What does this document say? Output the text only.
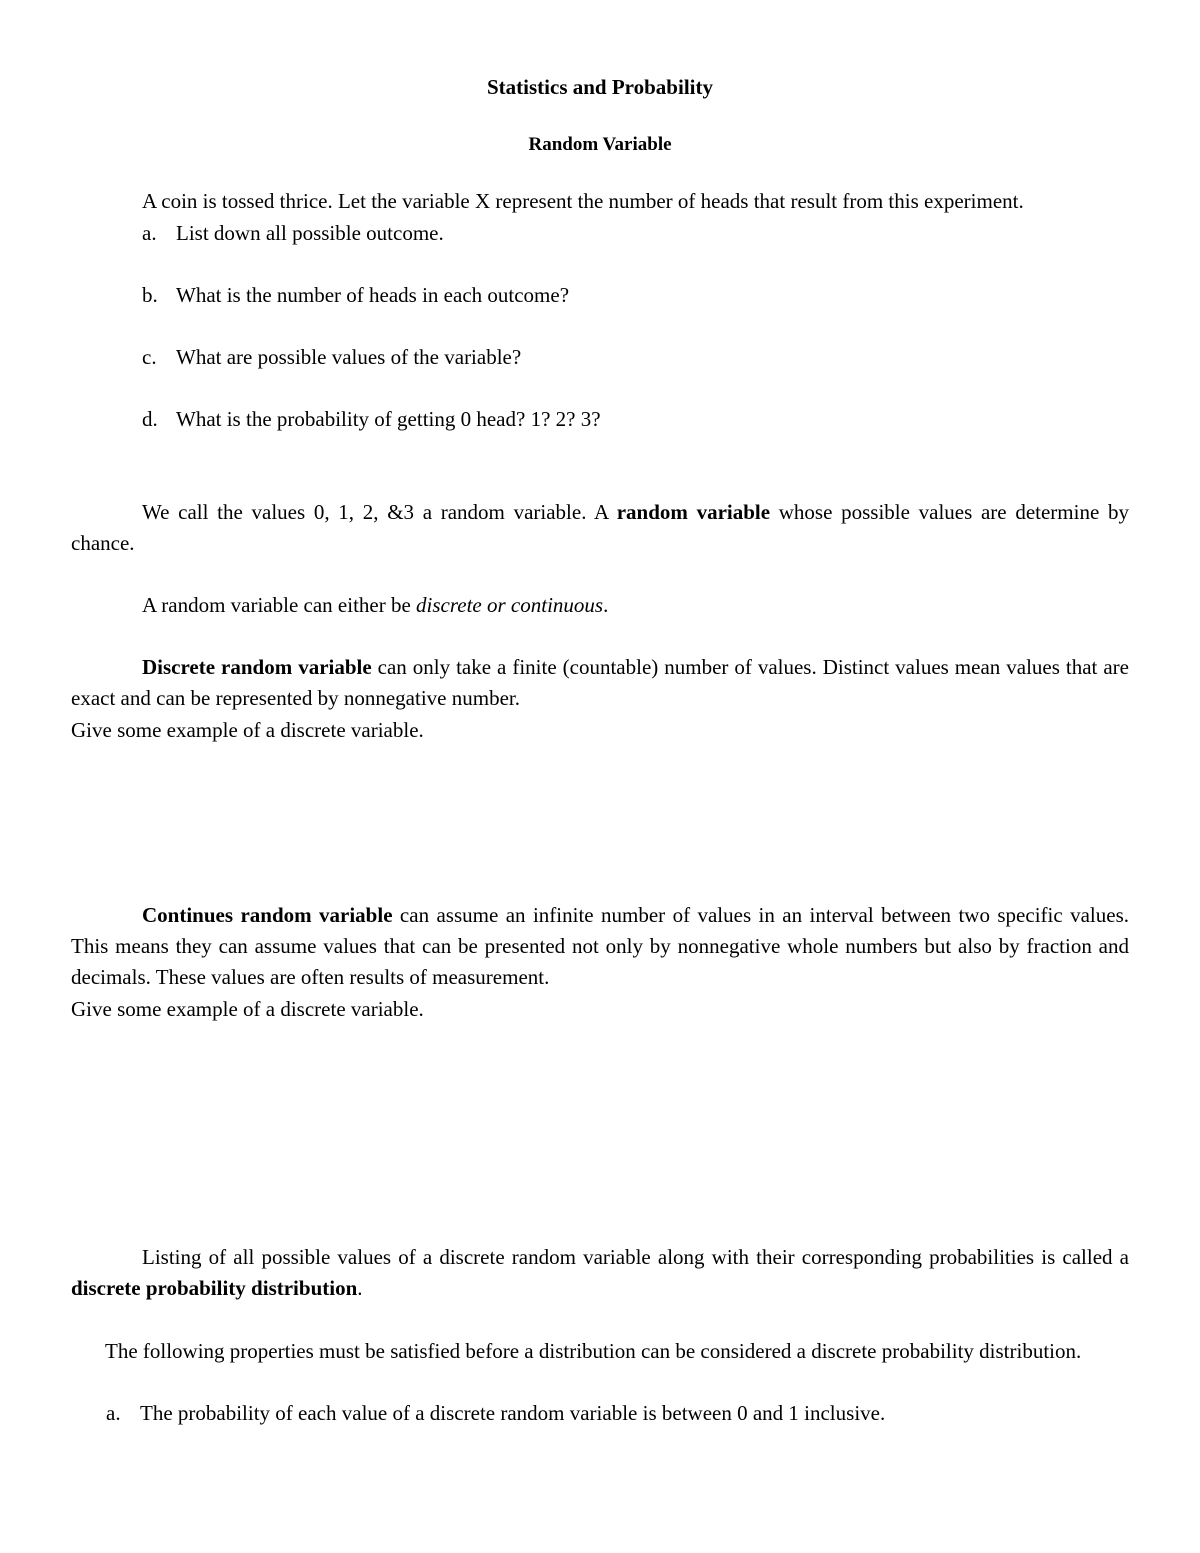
Statistics and Probability
Random Variable
A coin is tossed thrice. Let the variable X represent the number of heads that result from this experiment.
a. List down all possible outcome.
b. What is the number of heads in each outcome?
c. What are possible values of the variable?
d. What is the probability of getting 0 head? 1? 2? 3?
We call the values 0, 1, 2, &3 a random variable. A random variable whose possible values are determine by chance.
A random variable can either be discrete or continuous.
Discrete random variable can only take a finite (countable) number of values. Distinct values mean values that are exact and can be represented by nonnegative number.
Give some example of a discrete variable.
Continues random variable can assume an infinite number of values in an interval between two specific values. This means they can assume values that can be presented not only by nonnegative whole numbers but also by fraction and decimals. These values are often results of measurement.
Give some example of a discrete variable.
Listing of all possible values of a discrete random variable along with their corresponding probabilities is called a discrete probability distribution.
The following properties must be satisfied before a distribution can be considered a discrete probability distribution.
a. The probability of each value of a discrete random variable is between 0 and 1 inclusive.
